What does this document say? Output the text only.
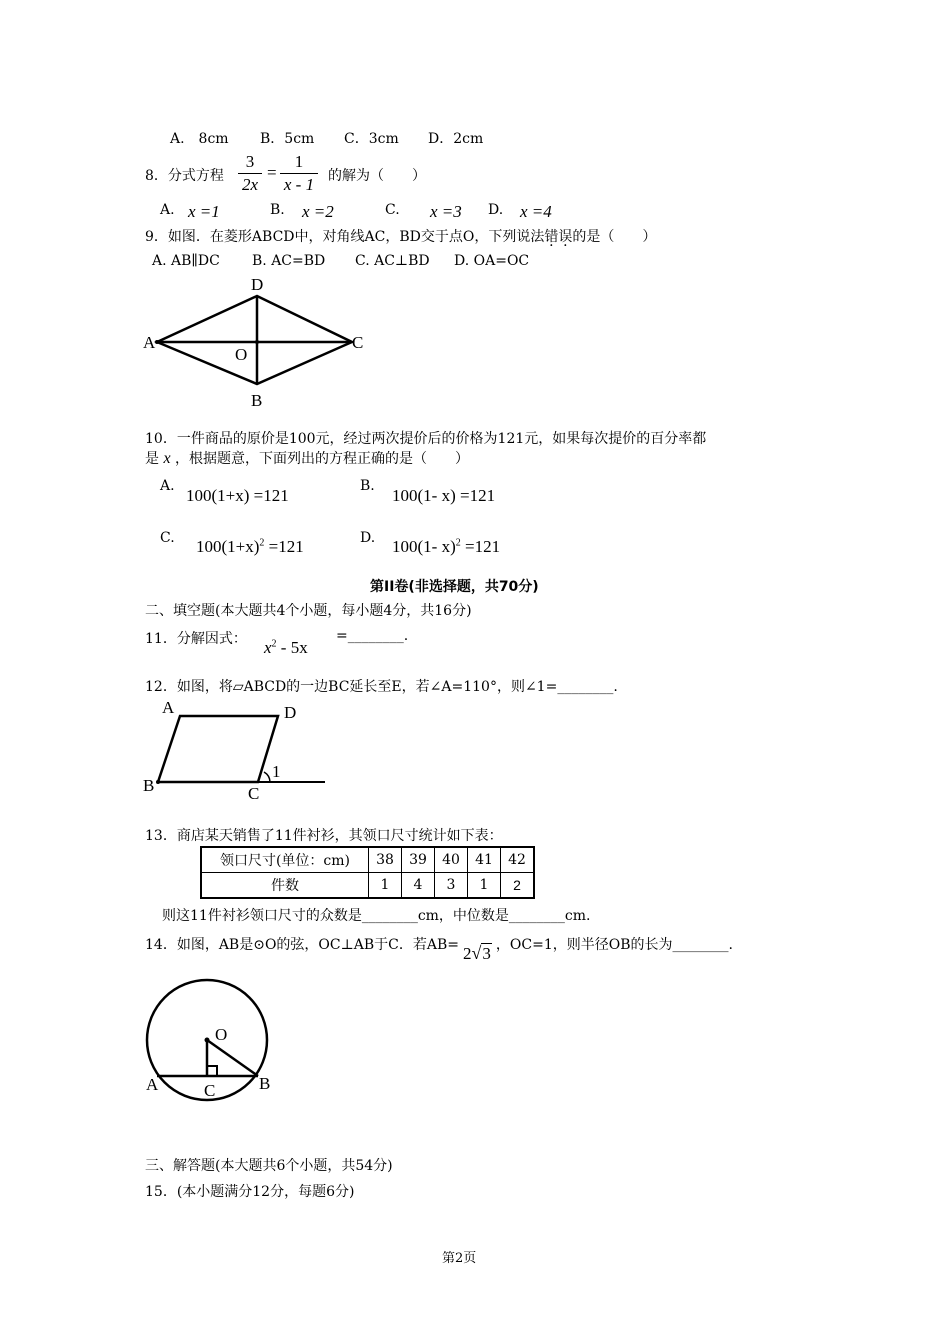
A.　8cm B．5cm C．3cm D．2cm
8．分式方程
3
2x
=
1
x - 1 的解为（　　）
A. x =1	B. x =2	C. x =3 D. x =4
9．如图．在菱形ABCD中，对角线AC，BD交于点O，下列说法错误的是（　　）
A. AB∥DC B. AC=BD C. AC⊥BD D. OA=OC
A
D
C
B
O
10．一件商品的原价是100元，经过两次提价后的价格为121元，如果每次提价的百分率都
是 x ，根据题意，下面列出的方程正确的是（　　）
A. 100(1+x) =121	B. 100(1- x) =121
C. $100(1+x)^2 =121$	D. 100(1- x)$^2$ =121
第II卷(非选择题，共70分)
二、填空题(本大题共4个小题，每小题4分，共16分)
11．分解因式： $x^2 - 5x$
=________.
12．如图，将▱ABCD的一边BC延长至E，若∠A=110°，则∠1=________.
A	D
B	C
1
13．商店某天销售了11件衬衫，其领口尺寸统计如下表：
领口尺寸(单位：cm)	38	39	40	41	42
件数	1	4	3	1	2
则这11件衬衫领口尺寸的众数是________cm，中位数是________cm.
14．如图，AB是⊙O的弦，OC⊥AB于C．若AB= 2√3 ，OC=1，则半径OB的长为________.
O
A	B
C
三、解答题(本大题共6个小题，共54分)
15．(本小题满分12分，每题6分)
第2页
